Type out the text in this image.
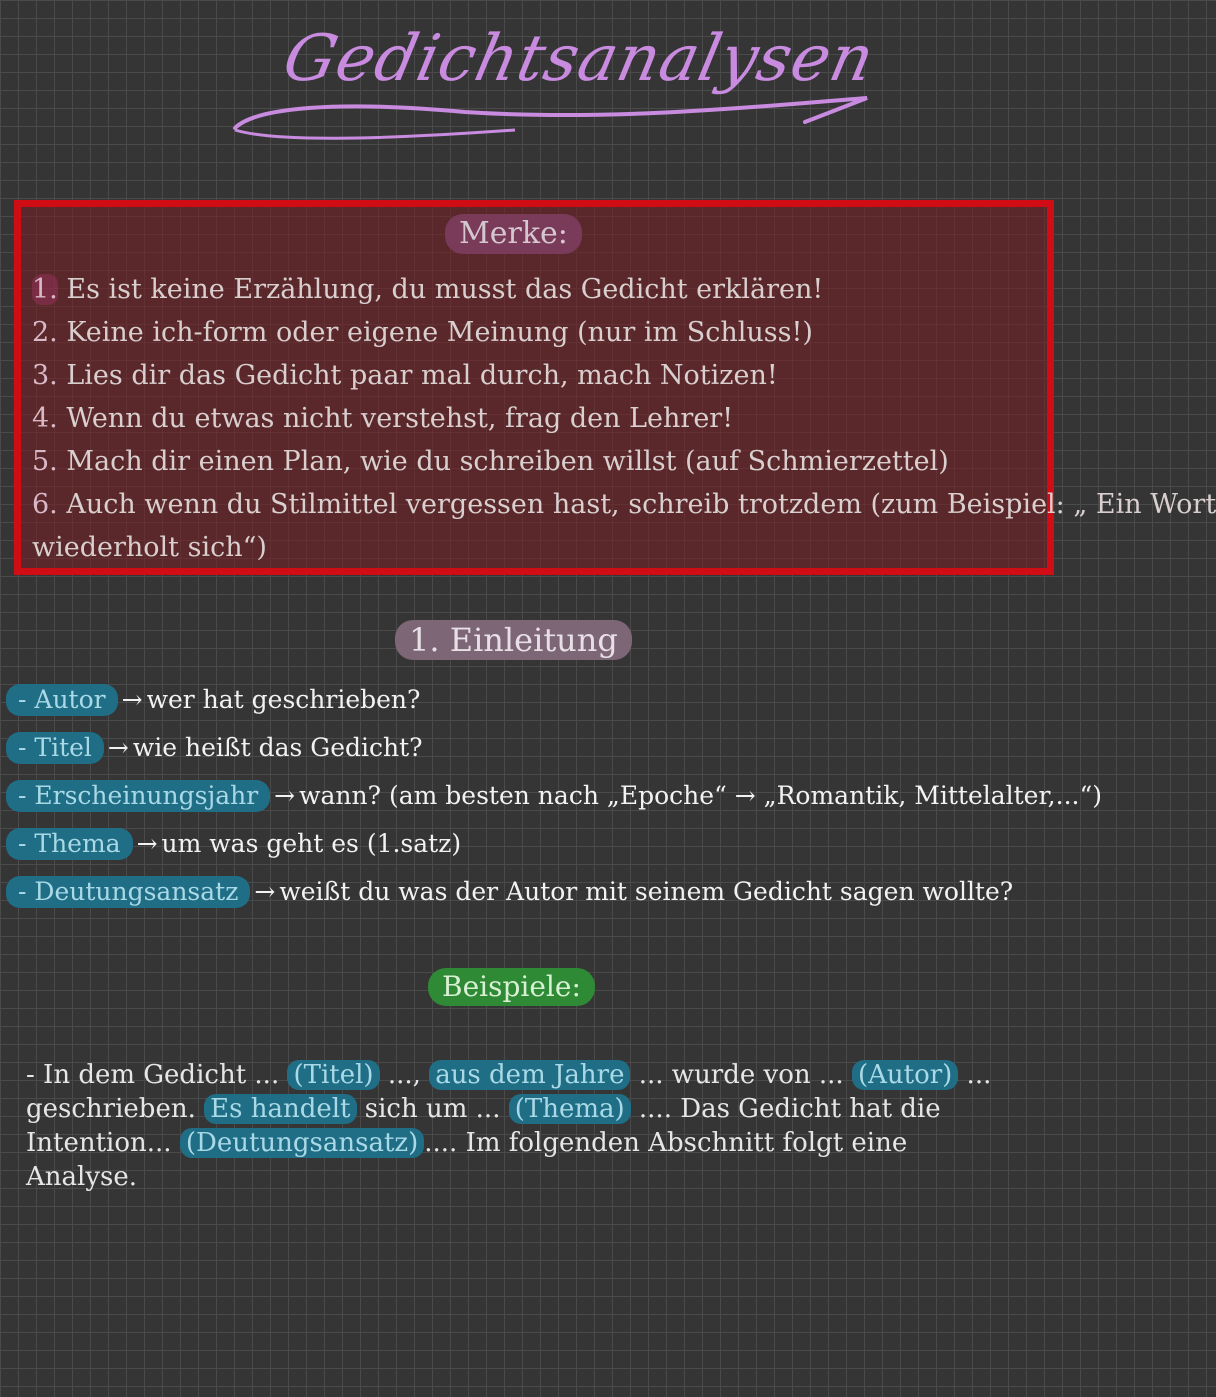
Gedichtsanalysen
Merke:
1. Es ist keine Erzählung, du musst das Gedicht erklären!
2. Keine ich-form oder eigene Meinung (nur im Schluss!)
3. Lies dir das Gedicht paar mal durch, mach Notizen!
4. Wenn du etwas nicht verstehst, frag den Lehrer!
5. Mach dir einen Plan, wie du schreiben willst (auf Schmierzettel)
6. Auch wenn du Stilmittel vergessen hast, schreib trotzdem (zum Beispiel: „ Ein Wort
wiederholt sich“)
1. Einleitung
- Autor → wer hat geschrieben?
- Titel → wie heißt das Gedicht?
- Erscheinungsjahr → wann? (am besten nach „Epoche“ → „Romantik, Mittelalter,...“)
- Thema → um was geht es (1.satz)
- Deutungsansatz → weißt du was der Autor mit seinem Gedicht sagen wollte?
Beispiele:
- In dem Gedicht ... (Titel) ..., aus dem Jahre ... wurde von ... (Autor) ... geschrieben. Es handelt sich um ... (Thema) .... Das Gedicht hat die Intention... (Deutungsansatz) .... Im folgenden Abschnitt folgt eine Analyse.
